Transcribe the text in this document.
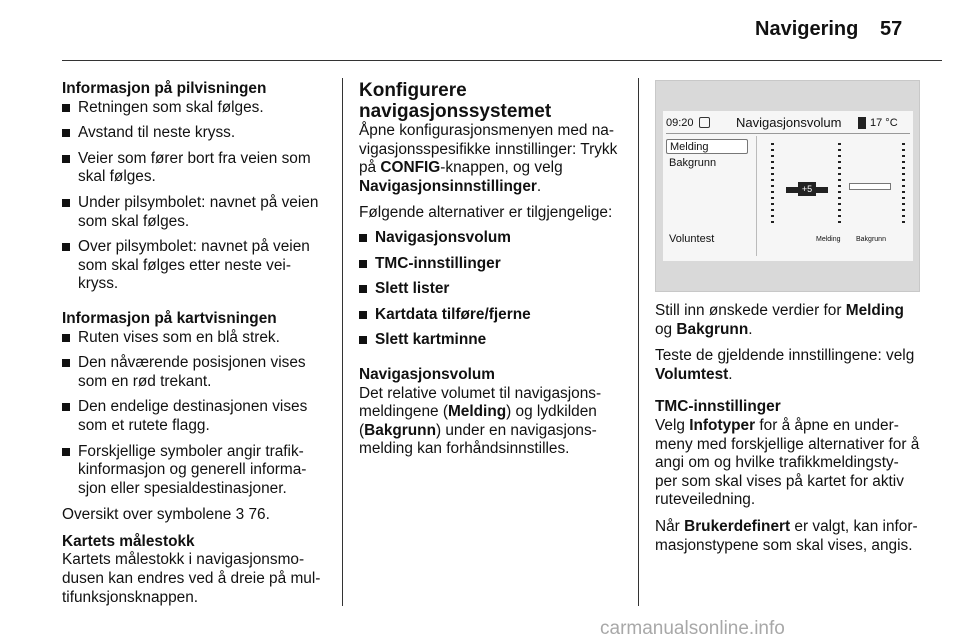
Navigering 57

Informasjon på pilvisningen

Retningen som skal følges.
Avstand til neste kryss.
Veier som fører bort fra veien som skal følges.
Under pilsymbolet: navnet på veien som skal følges.
Over pilsymbolet: navnet på veien som skal følges etter neste vei- kryss.

Informasjon på kartvisningen

Ruten vises som en blå strek.
Den nåværende posisjonen vises som en rød trekant.
Den endelige destinasjonen vises som et rutete flagg.
Forskjellige symboler angir trafik- kinformasjon og generell informa- sjon eller spesialdestinasjoner.

Oversikt over symbolene 3 76.

Kartets målestokk

Kartets målestokk i navigasjonsmo- dusen kan endres ved å dreie på mul- tifunksjonsknappen.

Konfigurere navigasjonssystemet

Åpne konfigurasjonsmenyen med na- vigasjonsspesifikke innstillinger: Trykk på CONFIG-knappen, og velg Navigasjonsinnstillinger.

Følgende alternativer er tilgjengelige:

Navigasjonsvolum
TMC-innstillinger
Slett lister
Kartdata tilføre/fjerne
Slett kartminne

Navigasjonsvolum

Det relative volumet til navigasjons- meldingene (Melding) og lydkilden (Bakgrunn) under en navigasjons- melding kan forhåndsinnstilles.

09:20	Navigasjonsvolum	17 °C
Melding
Bakgrunn
Voluntest
+5
Melding Bakgrunn

Still inn ønskede verdier for Melding og Bakgrunn.

Teste de gjeldende innstillingene: velg Volumtest.

TMC-innstillinger

Velg Infotyper for å åpne en under- meny med forskjellige alternativer for å angi om og hvilke trafikkmeldingsty- per som skal vises på kartet for aktiv ruteveiledning.

Når Brukerdefinert er valgt, kan infor- masjonstypene som skal vises, angis.

carmanualsonline.info
